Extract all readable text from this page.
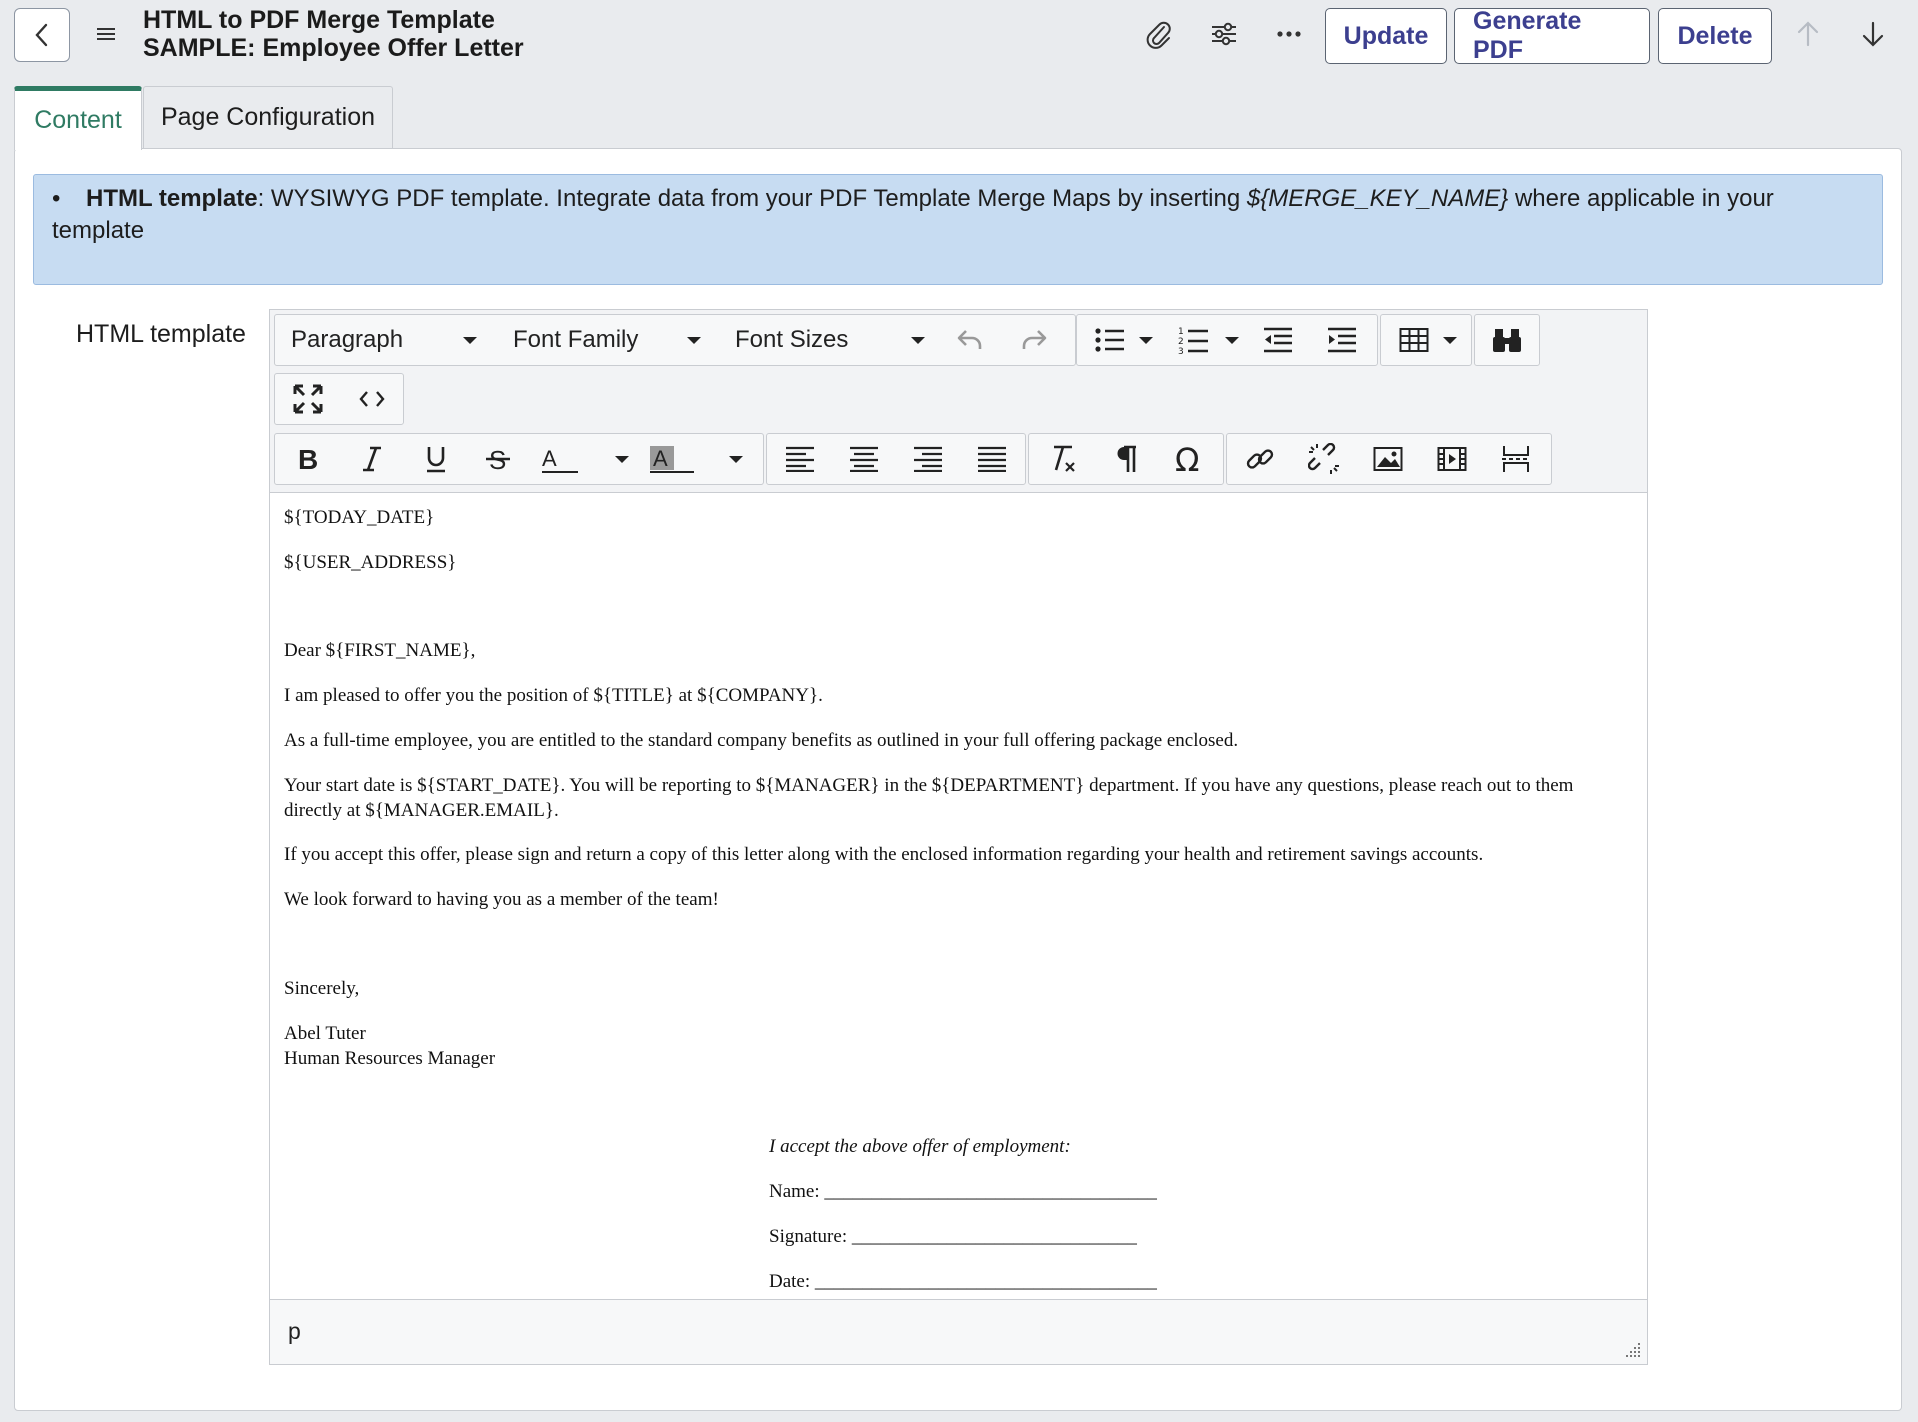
HTML to PDF Merge Template
SAMPLE: Employee Offer Letter	Update
Generate PDF
Delete
Content	Page Configuration
• HTML template: WYSIWYG PDF template. Integrate data from your PDF Template Merge Maps by inserting ${MERGE_KEY_NAME} where applicable in your template
HTML template Paragraph	Font Family	Font Sizes	1
2
3
B	S A	A	Ω

${TODAY_DATE}

${USER_ADDRESS}

Dear ${FIRST_NAME},

I am pleased to offer you the position of ${TITLE} at ${COMPANY}.

As a full-time employee, you are entitled to the standard company benefits as outlined in your full offering package enclosed.

Your start date is ${START_DATE}. You will be reporting to ${MANAGER} in the ${DEPARTMENT} department. If you have any questions, please reach out to them directly at ${MANAGER.EMAIL}.

If you accept this offer, please sign and return a copy of this letter along with the enclosed information regarding your health and retirement savings accounts.

We look forward to having you as a member of the team!

Sincerely,

Abel Tuter

Human Resources Manager

I accept the above offer of employment:

Name: ___________________________________

Signature: ______________________________

Date: ____________________________________

p
